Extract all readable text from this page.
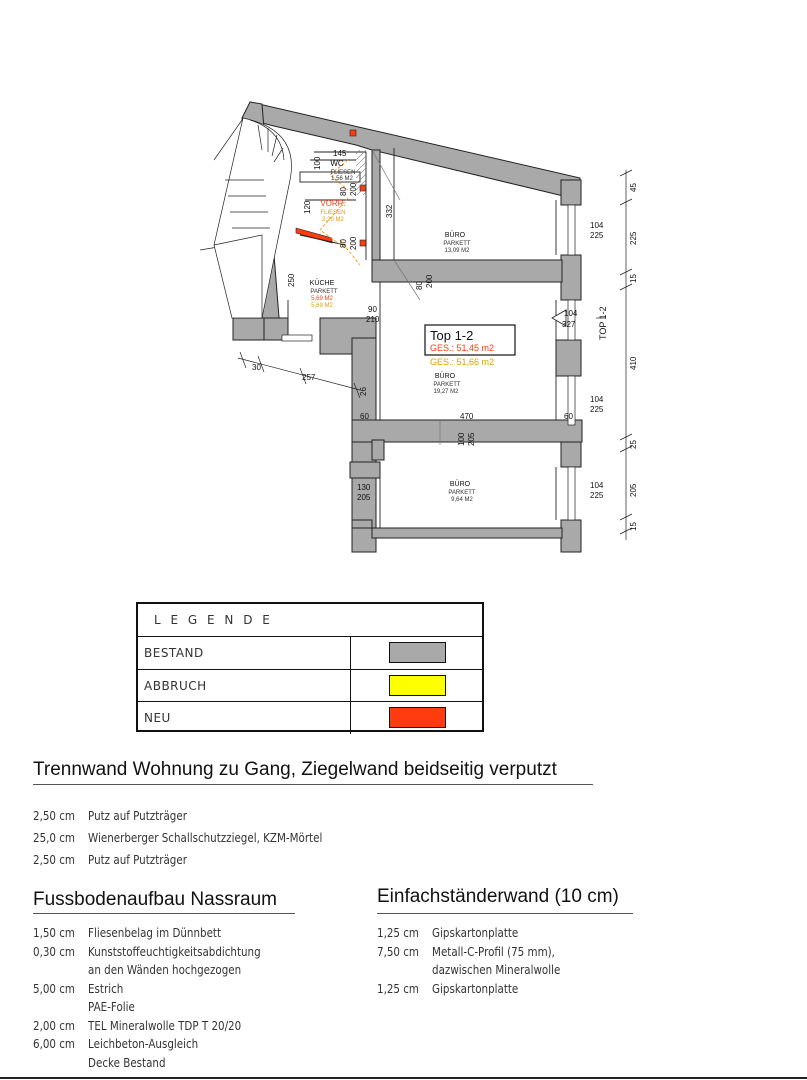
WC
FLIESEN
1,56 M2
VORR.
FLIESEN
2,20 M2
KÜCHE
PARKETT
5,69 M2
5,69 M2
BÜRO
PARKETT
13,09 M2
BÜRO
PARKETT
19,27 M2
BÜRO
PARKETT
9,64 M2
Top 1-2
GES.: 51,45 m2
GES.: 51,66 m2
TOP 1-2
145
100
80 200
120
80 200
332
250	80 200
90
210
30
257
26
60	470	60
100 205
130
205
104
225
104
327
104
225
104
225
45
225
15
410
25
205
15
L E G E N D E
BESTAND
ABBRUCH
NEU
Trennwand Wohnung zu Gang, Ziegelwand beidseitig verputzt
2,50 cm Putz auf Putzträger
25,0 cm Wienerberger Schallschutzziegel, KZM-Mörtel
2,50 cm Putz auf Putzträger
Fussbodenaufbau Nassraum
1,50 cm Fliesenbelag im Dünnbett
0,30 cm Kunststoffeuchtigkeitsabdichtung
an den Wänden hochgezogen
5,00 cm Estrich
PAE-Folie
2,00 cm TEL Mineralwolle TDP T 20/20
6,00 cm Leichbeton-Ausgleich
Decke Bestand
Einfachständerwand (10 cm)
1,25 cm Gipskartonplatte
7,50 cm Metall-C-Profil (75 mm),
dazwischen Mineralwolle
1,25 cm Gipskartonplatte
